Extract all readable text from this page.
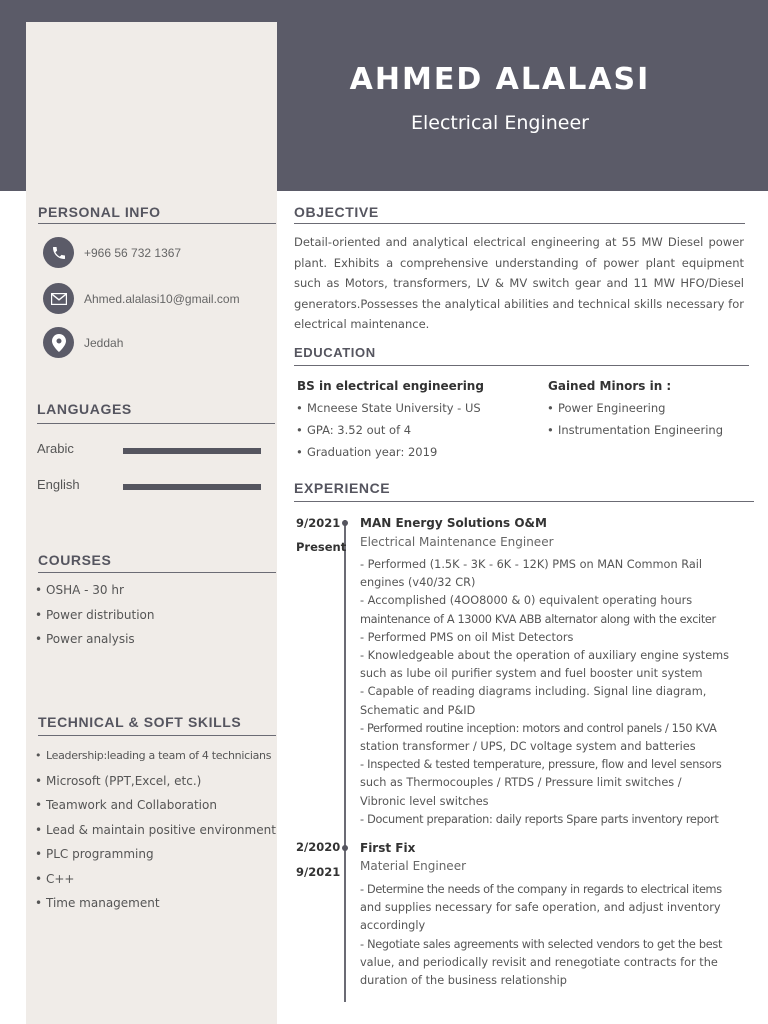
AHMED ALALASI
Electrical Engineer
PERSONAL INFO
+966 56 732 1367
Ahmed.alalasi10@gmail.com
Jeddah
LANGUAGES
Arabic
English
COURSES
• OSHA - 30 hr
• Power distribution
• Power analysis
TECHNICAL & SOFT SKILLS
• Leadership:leading a team of 4 technicians
• Microsoft (PPT,Excel, etc.)
• Teamwork and Collaboration
• Lead & maintain positive environment
• PLC programming
• C++
• Time management
OBJECTIVE
Detail-oriented and analytical electrical engineering at 55 MW Diesel power plant. Exhibits a comprehensive understanding of power plant equipment such as Motors, transformers, LV & MV switch gear and 11 MW HFO/Diesel generators.Possesses the analytical abilities and technical skills necessary for electrical maintenance.
EDUCATION
BS in electrical engineering
• Mcneese State University - US
• GPA: 3.52 out of 4
• Graduation year: 2019
Gained Minors in :
• Power Engineering
• Instrumentation Engineering
EXPERIENCE
9/2021
Present
MAN Energy Solutions O&M
Electrical Maintenance Engineer
- Performed (1.5K - 3K - 6K - 12K) PMS on MAN Common Rail
engines (v40/32 CR)
- Accomplished (4OO8000 & 0) equivalent operating hours
maintenance of A 13000 KVA ABB alternator along with the exciter
- Performed PMS on oil Mist Detectors
- Knowledgeable about the operation of auxiliary engine systems
such as lube oil purifier system and fuel booster unit system
- Capable of reading diagrams including. Signal line diagram,
Schematic and P&ID
- Performed routine inception: motors and control panels / 150 KVA
station transformer / UPS, DC voltage system and batteries
- Inspected & tested temperature, pressure, flow and level sensors
such as Thermocouples / RTDS / Pressure limit switches /
Vibronic level switches
- Document preparation: daily reports Spare parts inventory report
2/2020
9/2021
First Fix
Material Engineer
- Determine the needs of the company in regards to electrical items
and supplies necessary for safe operation, and adjust inventory
accordingly
- Negotiate sales agreements with selected vendors to get the best
value, and periodically revisit and renegotiate contracts for the
duration of the business relationship
